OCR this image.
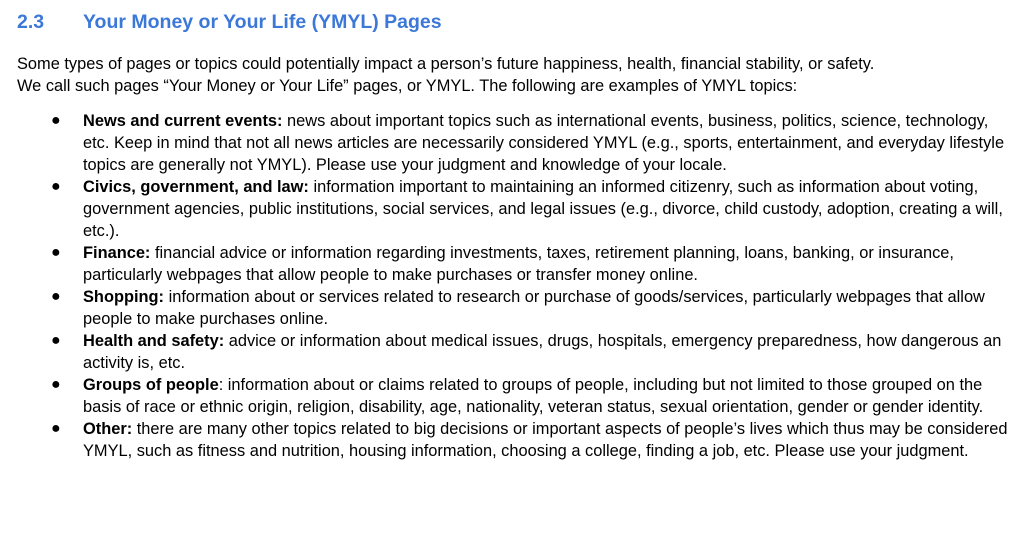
2.3	Your Money or Your Life (YMYL) Pages

Some types of pages or topics could potentially impact a person’s future happiness, health, financial stability, or safety.

We call such pages “Your Money or Your Life” pages, or YMYL. The following are examples of YMYL topics:

● News and current events: news about important topics such as international events, business, politics, science, technology, etc. Keep in mind that not all news articles are necessarily considered YMYL (e.g., sports, entertainment, and everyday lifestyle topics are generally not YMYL). Please use your judgment and knowledge of your locale.
● Civics, government, and law: information important to maintaining an informed citizenry, such as information about voting, government agencies, public institutions, social services, and legal issues (e.g., divorce, child custody, adoption, creating a will, etc.).
● Finance: financial advice or information regarding investments, taxes, retirement planning, loans, banking, or insurance, particularly webpages that allow people to make purchases or transfer money online.
● Shopping: information about or services related to research or purchase of goods/services, particularly webpages that allow people to make purchases online.
● Health and safety: advice or information about medical issues, drugs, hospitals, emergency preparedness, how dangerous an activity is, etc.
● Groups of people: information about or claims related to groups of people, including but not limited to those grouped on the basis of race or ethnic origin, religion, disability, age, nationality, veteran status, sexual orientation, gender or gender identity.
● Other: there are many other topics related to big decisions or important aspects of people’s lives which thus may be considered YMYL, such as fitness and nutrition, housing information, choosing a college, finding a job, etc. Please use your judgment.
